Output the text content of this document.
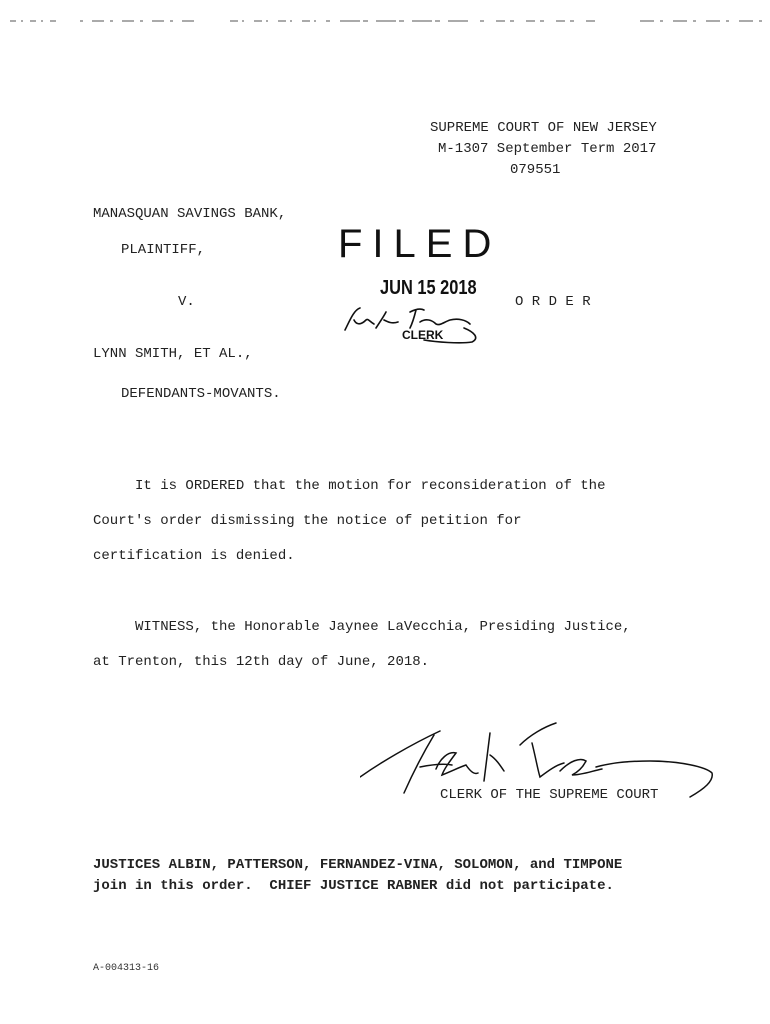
SUPREME COURT OF NEW JERSEY
M-1307 September Term 2017
079551
MANASQUAN SAVINGS BANK,
PLAINTIFF,
V.	O R D E R
LYNN SMITH, ET AL.,
DEFENDANTS-MOVANTS.
FILED
JUN 15 2018
CLERK
It is ORDERED that the motion for reconsideration of the
Court's order dismissing the notice of petition for
certification is denied.
WITNESS, the Honorable Jaynee LaVecchia, Presiding Justice,
at Trenton, this 12th day of June, 2018.
CLERK OF THE SUPREME COURT
JUSTICES ALBIN, PATTERSON, FERNANDEZ-VINA, SOLOMON, and TIMPONE
join in this order.  CHIEF JUSTICE RABNER did not participate.
A-004313-16
